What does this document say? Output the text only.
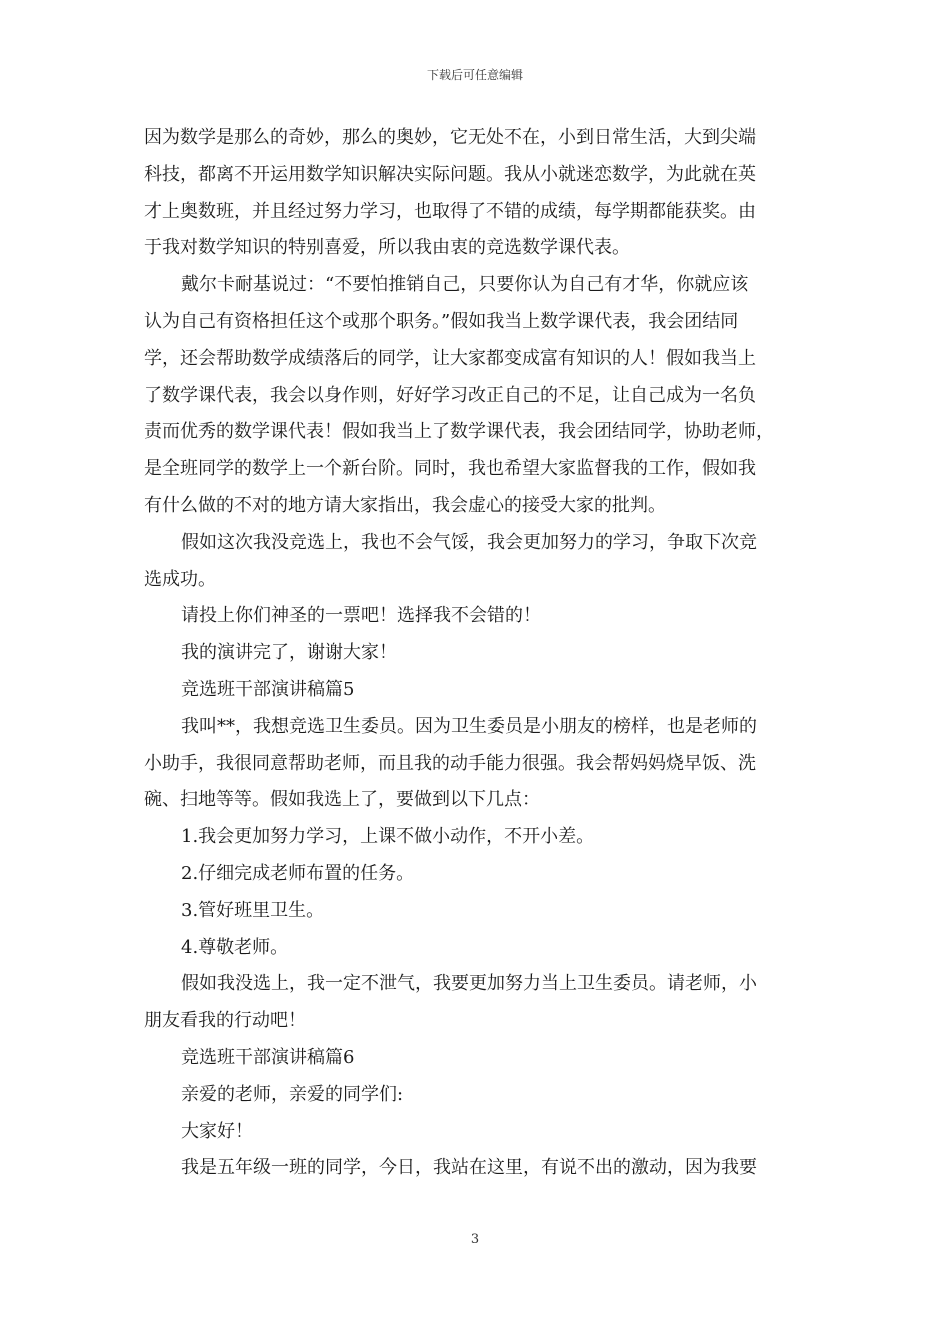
下载后可任意编辑
因为数学是那么的奇妙，那么的奥妙，它无处不在，小到日常生活，大到尖端
科技，都离不开运用数学知识解决实际问题。我从小就迷恋数学，为此就在英
才上奥数班，并且经过努力学习，也取得了不错的成绩，每学期都能获奖。由
于我对数学知识的特别喜爱，所以我由衷的竞选数学课代表。
戴尔卡耐基说过：“不要怕推销自己，只要你认为自己有才华，你就应该
认为自己有资格担任这个或那个职务。”假如我当上数学课代表，我会团结同
学，还会帮助数学成绩落后的同学，让大家都变成富有知识的人！假如我当上
了数学课代表，我会以身作则，好好学习改正自己的不足，让自己成为一名负
责而优秀的数学课代表！假如我当上了数学课代表，我会团结同学，协助老师，
是全班同学的数学上一个新台阶。同时，我也希望大家监督我的工作，假如我
有什么做的不对的地方请大家指出，我会虚心的接受大家的批判。
假如这次我没竞选上，我也不会气馁，我会更加努力的学习，争取下次竞
选成功。
请投上你们神圣的一票吧！选择我不会错的！
我的演讲完了，谢谢大家！
竞选班干部演讲稿篇5
我叫**，我想竞选卫生委员。因为卫生委员是小朋友的榜样，也是老师的
小助手，我很同意帮助老师，而且我的动手能力很强。我会帮妈妈烧早饭、洗
碗、扫地等等。假如我选上了，要做到以下几点：
1.我会更加努力学习，上课不做小动作，不开小差。
2.仔细完成老师布置的任务。
3.管好班里卫生。
4.尊敬老师。
假如我没选上，我一定不泄气，我要更加努力当上卫生委员。请老师，小
朋友看我的行动吧！
竞选班干部演讲稿篇6
亲爱的老师，亲爱的同学们:
大家好！
我是五年级一班的同学，今日，我站在这里，有说不出的激动，因为我要
3
